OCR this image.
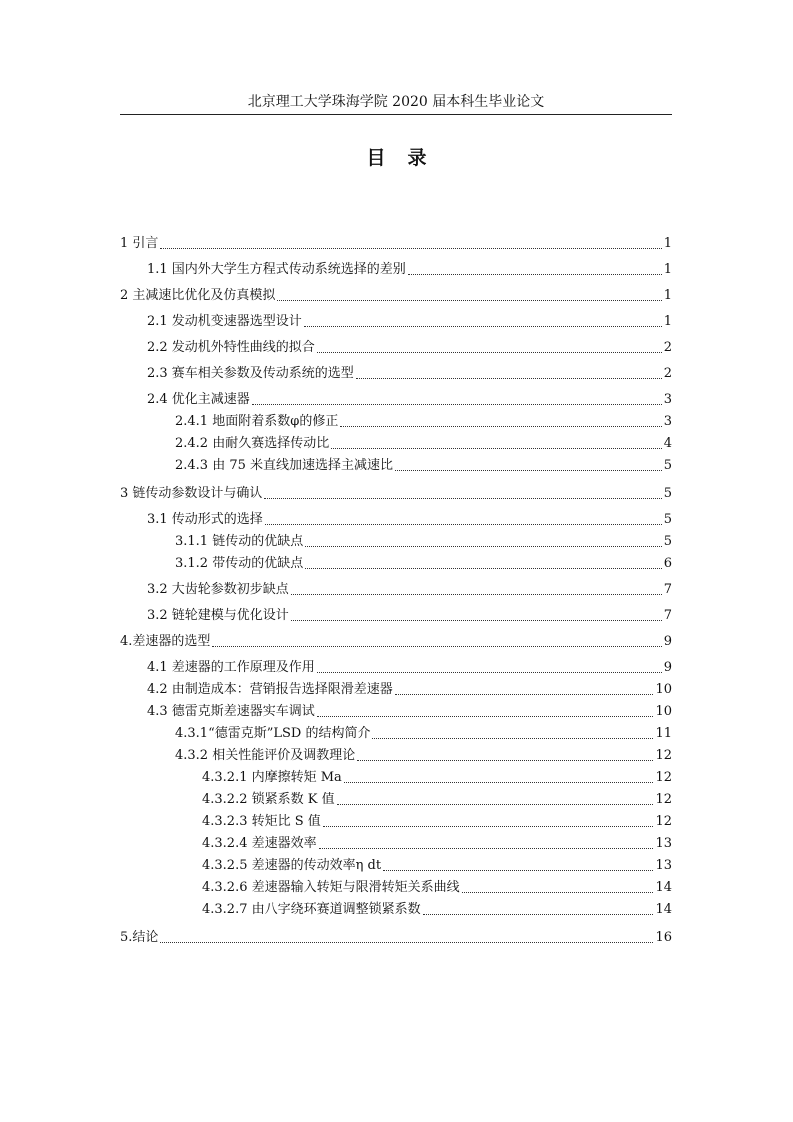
北京理工大学珠海学院 2020 届本科生毕业论文
目录
1 引言	1
1.1 国内外大学生方程式传动系统选择的差别	1
2 主减速比优化及仿真模拟	1
2.1 发动机变速器选型设计	1
2.2 发动机外特性曲线的拟合	2
2.3 赛车相关参数及传动系统的选型	2
2.4 优化主减速器	3
2.4.1 地面附着系数φ的修正	3
2.4.2 由耐久赛选择传动比	4
2.4.3 由 75 米直线加速选择主减速比	5
3 链传动参数设计与确认	5
3.1 传动形式的选择	5
3.1.1 链传动的优缺点	5
3.1.2 带传动的优缺点	6
3.2 大齿轮参数初步缺点	7
3.2 链轮建模与优化设计	7
4.差速器的选型	9
4.1 差速器的工作原理及作用	9
4.2 由制造成本：营销报告选择限滑差速器	10
4.3 德雷克斯差速器实车调试	10
4.3.1“德雷克斯”LSD 的结构简介	11
4.3.2 相关性能评价及调教理论	12
4.3.2.1 内摩擦转矩 Ma	12
4.3.2.2 锁紧系数 K 值	12
4.3.2.3 转矩比 S 值	12
4.3.2.4 差速器效率	13
4.3.2.5 差速器的传动效率η dt	13
4.3.2.6 差速器输入转矩与限滑转矩关系曲线	14
4.3.2.7 由八字绕环赛道调整锁紧系数	14
5.结论	16
